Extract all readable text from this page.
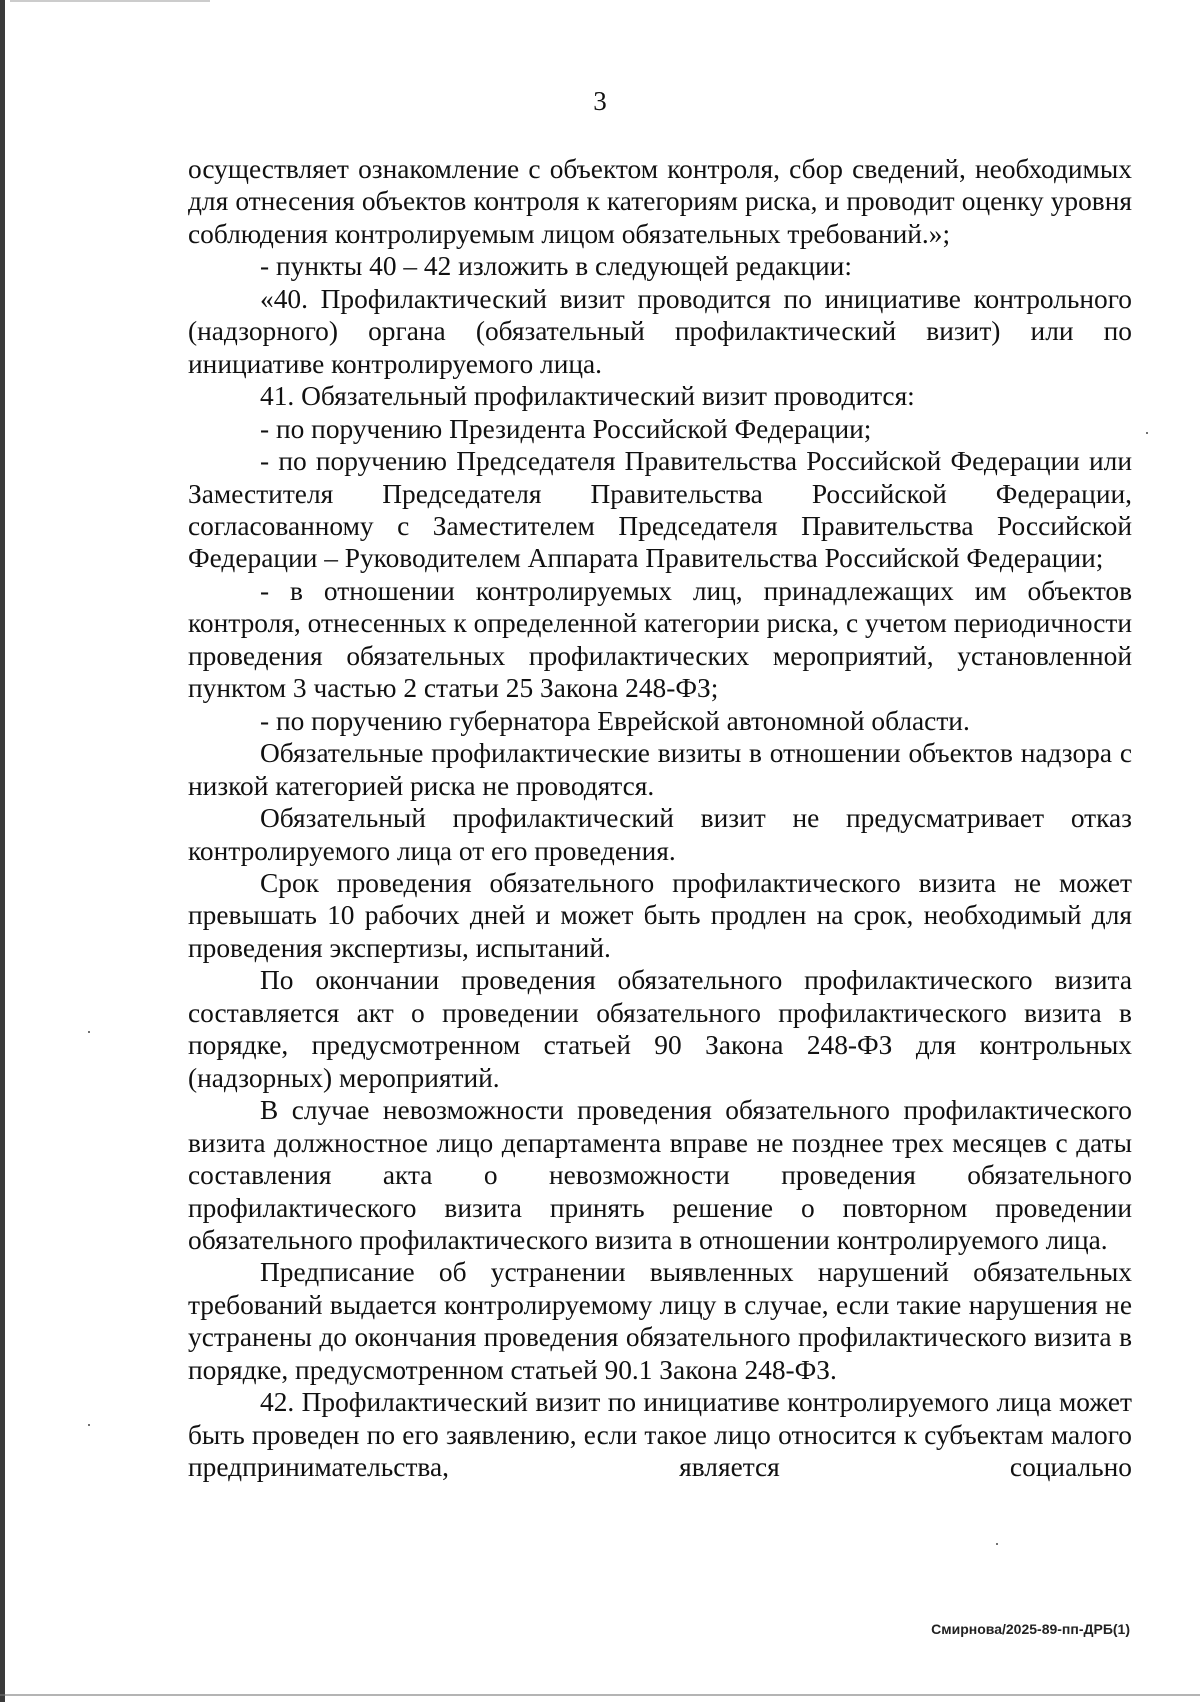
3

осуществляет ознакомление с объектом контроля, сбор сведений, необходимых для отнесения объектов контроля к категориям риска, и проводит оценку уровня соблюдения контролируемым лицом обязательных требований.»;

- пункты 40 – 42 изложить в следующей редакции:

«40. Профилактический визит проводится по инициативе контрольного (надзорного) органа (обязательный профилактический визит) или по инициативе контролируемого лица.

41. Обязательный профилактический визит проводится:

- по поручению Президента Российской Федерации;

- по поручению Председателя Правительства Российской Федерации или Заместителя Председателя Правительства Российской Федерации, согласованному с Заместителем Председателя Правительства Российской Федерации – Руководителем Аппарата Правительства Российской Федерации;

- в отношении контролируемых лиц, принадлежащих им объектов контроля, отнесенных к определенной категории риска, с учетом периодичности проведения обязательных профилактических мероприятий, установленной пунктом 3 частью 2 статьи 25 Закона 248-ФЗ;

- по поручению губернатора Еврейской автономной области.

Обязательные профилактические визиты в отношении объектов надзора с низкой категорией риска не проводятся.

Обязательный профилактический визит не предусматривает отказ контролируемого лица от его проведения.

Срок проведения обязательного профилактического визита не может превышать 10 рабочих дней и может быть продлен на срок, необходимый для проведения экспертизы, испытаний.

По окончании проведения обязательного профилактического визита составляется акт о проведении обязательного профилактического визита в порядке, предусмотренном статьей 90 Закона 248-ФЗ для контрольных (надзорных) мероприятий.

В случае невозможности проведения обязательного профилактического визита должностное лицо департамента вправе не позднее трех месяцев с даты составления акта о невозможности проведения обязательного профилактического визита принять решение о повторном проведении обязательного профилактического визита в отношении контролируемого лица.

Предписание об устранении выявленных нарушений обязательных требований выдается контролируемому лицу в случае, если такие нарушения не устранены до окончания проведения обязательного профилактического визита в порядке, предусмотренном статьей 90.1 Закона 248-ФЗ.

42. Профилактический визит по инициативе контролируемого лица может быть проведен по его заявлению, если такое лицо относится к субъектам малого предпринимательства, является социально

Смирнова/2025-89-пп-ДРБ(1)
